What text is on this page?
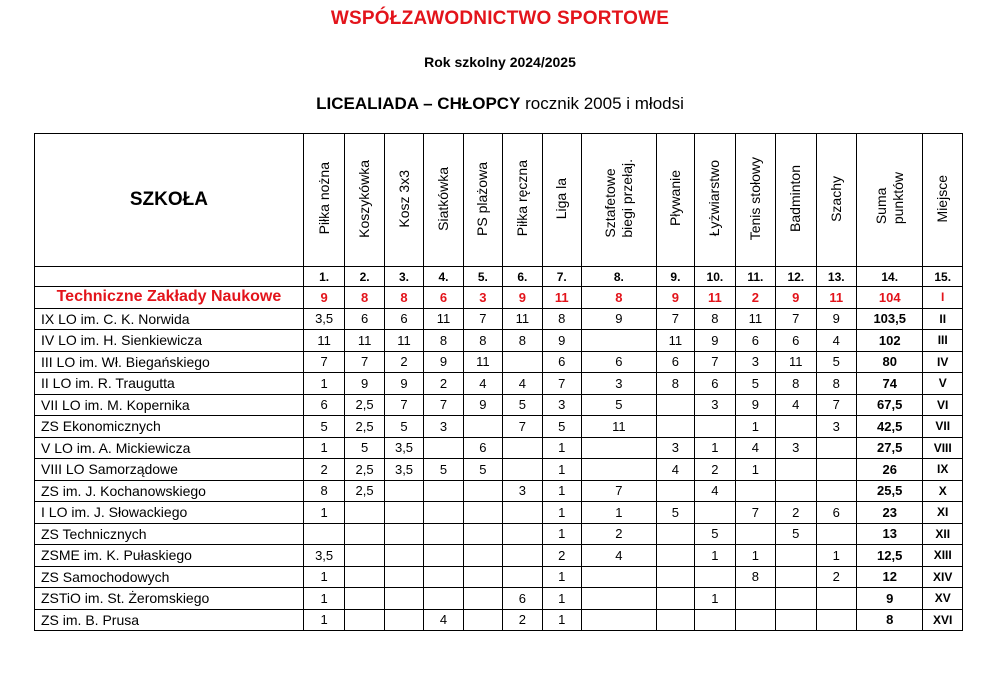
WSPÓŁZAWODNICTWO SPORTOWE
Rok szkolny 2024/2025
LICEALIADA – CHŁOPCY rocznik 2005 i młodsi
SZKOŁA	Piłka nożna	Koszykówka	Kosz 3x3	Siatkówka	PS plażowa	Piłka ręczna	Liga la	Sztafetowe
biegi przełaj.	Pływanie	Łyżwiarstwo	Tenis stołowy	Badminton	Szachy	Suma
punktów	Miejsce
	1.	2.	3.	4.	5.	6.	7.	8.	9.	10.	11.	12.	13.	14.	15.
Techniczne Zakłady Naukowe	9	8	8	6	3	9	11	8	9	11	2	9	11	104	I
IX LO im. C. K. Norwida	3,5	6	6	11	7	11	8	9	7	8	11	7	9	103,5	II
IV LO im. H. Sienkiewicza	11	11	11	8	8	8	9		11	9	6	6	4	102	III
III LO im. Wł. Biegańskiego	7	7	2	9	11		6	6	6	7	3	11	5	80	IV
II LO im. R. Traugutta	1	9	9	2	4	4	7	3	8	6	5	8	8	74	V
VII LO im. M. Kopernika	6	2,5	7	7	9	5	3	5		3	9	4	7	67,5	VI
ZS Ekonomicznych	5	2,5	5	3		7	5	11			1		3	42,5	VII
V LO im. A. Mickiewicza	1	5	3,5		6		1		3	1	4	3		27,5	VIII
VIII LO Samorządowe	2	2,5	3,5	5	5		1		4	2	1			26	IX
ZS im. J. Kochanowskiego	8	2,5				3	1	7		4				25,5	X
I LO im. J. Słowackiego	1						1	1	5		7	2	6	23	XI
ZS Technicznych							1	2		5		5		13	XII
ZSME im. K. Pułaskiego	3,5						2	4		1	1		1	12,5	XIII
ZS Samochodowych	1						1				8		2	12	XIV
ZSTiO im. St. Żeromskiego	1					6	1			1				9	XV
ZS im. B. Prusa	1			4		2	1							8	XVI
